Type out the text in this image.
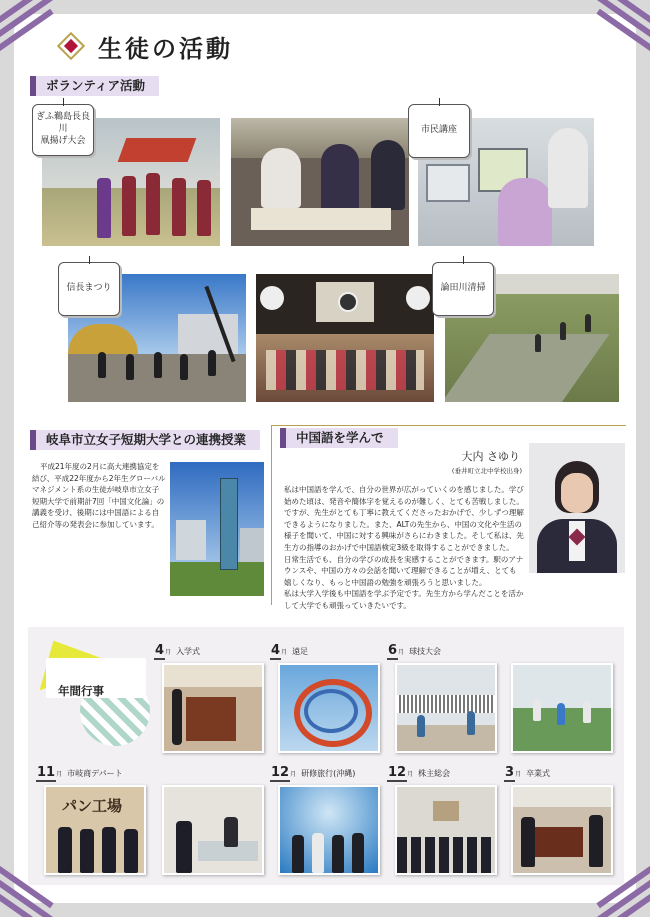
生徒の活動
ボランティア活動
ぎふ鵜島長良川
凧揚げ大会
市民講座
信長まつり	論田川清掃
岐阜市立女子短期大学との連携授業
平成21年度の2月に高大連携協定を結び、平成22年度から2年生グローバルマネジメント系の生徒が岐阜市立女子短期大学で前期計7回「中国文化論」の講義を受け、後期には中国語による自己紹介等の発表会に参加しています。
中国語を学んで
大内 さゆり
(垂井町立北中学校出身)
私は中国語を学んで、自分の世界が広がっていくのを感じました。学び始めた頃は、発音や簡体字を覚えるのが難しく、とても苦戦しました。ですが、先生がとても丁寧に教えてくださったおかげで、少しずつ理解できるようになりました。また、ALTの先生から、中国の文化や生活の様子を聞いて、中国に対する興味がさらにわきました。そして私は、先生方の指導のおかげで中国語検定3級を取得することができました。
日常生活でも、自分の学びの成長を実感することができます。駅のアナウンスや、中国の方々の会話を聞いて理解できることが増え、とても嬉しくなり、もっと中国語の勉強を頑張ろうと思いました。
私は大学入学後も中国語を学ぶ予定です。先生方から学んだことを活かして大学でも頑張っていきたいです。
年間行事
4 月 入学式	4 月 遠足	6 月 球技大会
11 月 市岐商デパート
パン工場
12 月 研修旅行(沖縄)	12 月 株主総会	3 月 卒業式
